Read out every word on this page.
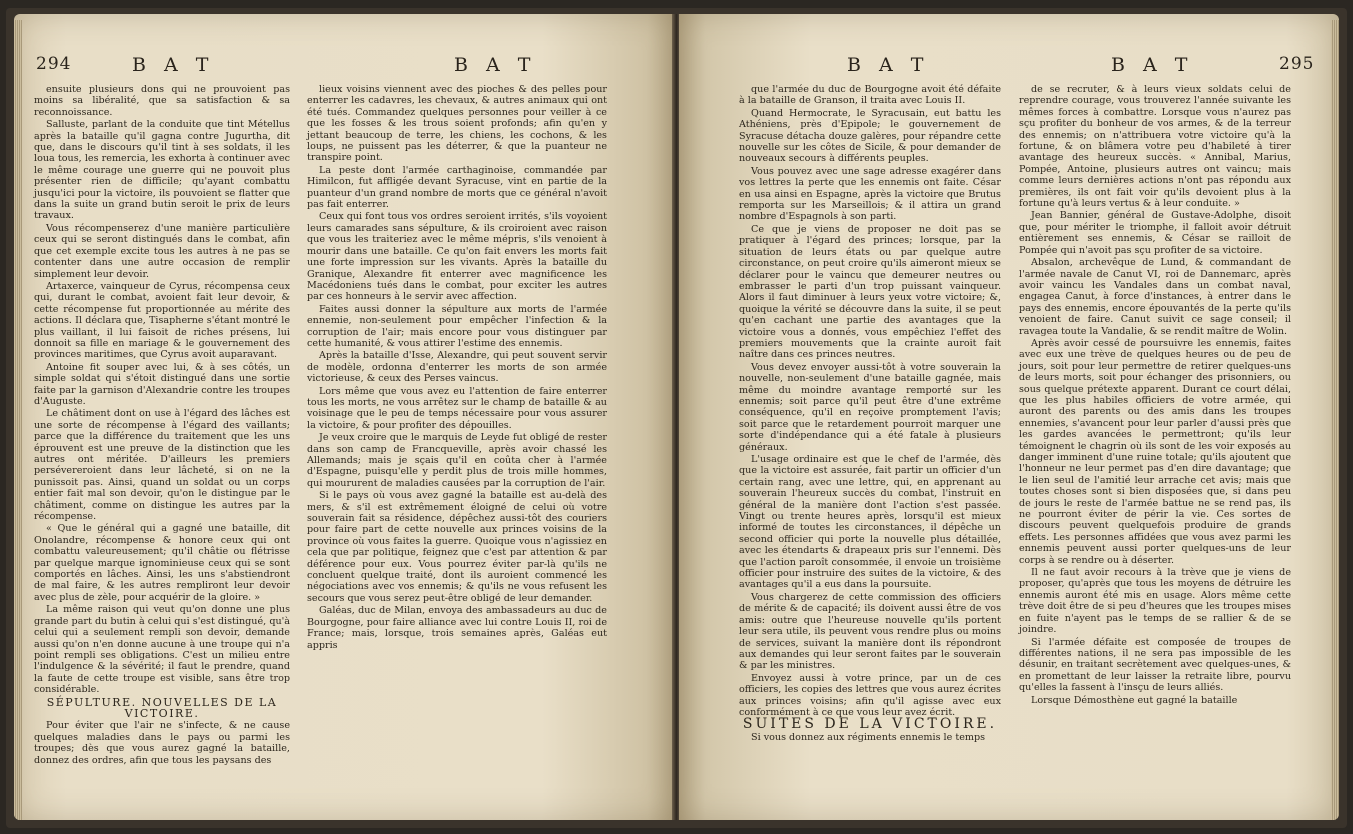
294	B A T	B A T

ensuite plusieurs dons qui ne prouvoient pas moins sa libéralité, que sa satisfaction & sa reconnoissance.

Salluste, parlant de la conduite que tint Métellus après la bataille qu'il gagna contre Jugurtha, dit que, dans le discours qu'il tint à ses soldats, il les loua tous, les remercia, les exhorta à continuer avec le même courage une guerre qui ne pouvoit plus présenter rien de difficile; qu'ayant combattu jusqu'ici pour la victoire, ils pouvoient se flatter que dans la suite un grand butin seroit le prix de leurs travaux.

Vous récompenserez d'une manière particulière ceux qui se seront distingués dans le combat, afin que cet exemple excite tous les autres à ne pas se contenter dans une autre occasion de remplir simplement leur devoir.

Artaxerce, vainqueur de Cyrus, récompensa ceux qui, durant le combat, avoient fait leur devoir, & cette récompense fut proportionnée au mérite des actions. Il déclara que, Tisapherne s'étant montré le plus vaillant, il lui faisoit de riches présens, lui donnoit sa fille en mariage & le gouvernement des provinces maritimes, que Cyrus avoit auparavant.

Antoine fit souper avec lui, & à ses côtés, un simple soldat qui s'étoit distingué dans une sortie faite par la garnison d'Alexandrie contre les troupes d'Auguste.

Le châtiment dont on use à l'égard des lâches est une sorte de récompense à l'égard des vaillants; parce que la différence du traitement que les uns éprouvent est une preuve de la distinction que les autres ont méritée. D'ailleurs les premiers persévereroient dans leur lâcheté, si on ne la punissoit pas. Ainsi, quand un soldat ou un corps entier fait mal son devoir, qu'on le distingue par le châtiment, comme on distingue les autres par la récompense.

« Que le général qui a gagné une bataille, dit Onolandre, récompense & honore ceux qui ont combattu valeureusement; qu'il châtie ou flétrisse par quelque marque ignominieuse ceux qui se sont comportés en lâches. Ainsi, les uns s'abstiendront de mal faire, & les autres rempliront leur devoir avec plus de zèle, pour acquérir de la gloire. »

La même raison qui veut qu'on donne une plus grande part du butin à celui qui s'est distingué, qu'à celui qui a seulement rempli son devoir, demande aussi qu'on n'en donne aucune à une troupe qui n'a point rempli ses obligations. C'est un milieu entre l'indulgence & la sévérité; il faut le prendre, quand la faute de cette troupe est visible, sans être trop considérable.

SÉPULTURE. NOUVELLES DE LA VICTOIRE.

Pour éviter que l'air ne s'infecte, & ne cause quelques maladies dans le pays ou parmi les troupes; dès que vous aurez gagné la bataille, donnez des ordres, afin que tous les paysans des

lieux voisins viennent avec des pioches & des pelles pour enterrer les cadavres, les chevaux, & autres animaux qui ont été tués. Commandez quelques personnes pour veiller à ce que les fosses & les trous soient profonds; afin qu'en y jettant beaucoup de terre, les chiens, les cochons, & les loups, ne puissent pas les déterrer, & que la puanteur ne transpire point.

La peste dont l'armée carthaginoise, commandée par Himilcon, fut affligée devant Syracuse, vint en partie de la puanteur d'un grand nombre de morts que ce général n'avoit pas fait enterrer.

Ceux qui font tous vos ordres seroient irrités, s'ils voyoient leurs camarades sans sépulture, & ils croiroient avec raison que vous les traiteriez avec le même mépris, s'ils venoient à mourir dans une bataille. Ce qu'on fait envers les morts fait une forte impression sur les vivants. Après la bataille du Granique, Alexandre fit enterrer avec magnificence les Macédoniens tués dans le combat, pour exciter les autres par ces honneurs à le servir avec affection.

Faites aussi donner la sépulture aux morts de l'armée ennemie, non-seulement pour empêcher l'infection & la corruption de l'air; mais encore pour vous distinguer par cette humanité, & vous attirer l'estime des ennemis.

Après la bataille d'Isse, Alexandre, qui peut souvent servir de modèle, ordonna d'enterrer les morts de son armée victorieuse, & ceux des Perses vaincus.

Lors même que vous avez eu l'attention de faire enterrer tous les morts, ne vous arrêtez sur le champ de bataille & au voisinage que le peu de temps nécessaire pour vous assurer la victoire, & pour profiter des dépouilles.

Je veux croire que le marquis de Leyde fut obligé de rester dans son camp de Francqueville, après avoir chassé les Allemands; mais je sçais qu'il en coûta cher à l'armée d'Espagne, puisqu'elle y perdit plus de trois mille hommes, qui moururent de maladies causées par la corruption de l'air.

Si le pays où vous avez gagné la bataille est au-delà des mers, & s'il est extrêmement éloigné de celui où votre souverain fait sa résidence, dépêchez aussi-tôt des couriers pour faire part de cette nouvelle aux princes voisins de la province où vous faites la guerre. Quoique vous n'agissiez en cela que par politique, feignez que c'est par attention & par déférence pour eux. Vous pourrez éviter par-là qu'ils ne concluent quelque traité, dont ils auroient commencé les négociations avec vos ennemis; & qu'ils ne vous refusent les secours que vous serez peut-être obligé de leur demander.

Galéas, duc de Milan, envoya des ambassadeurs au duc de Bourgogne, pour faire alliance avec lui contre Louis II, roi de France; mais, lorsque, trois semaines après, Galéas eut appris

B A T	B A T	295

que l'armée du duc de Bourgogne avoit été défaite à la bataille de Granson, il traita avec Louis II.

Quand Hermocrate, le Syracusain, eut battu les Athéniens, près d'Epipole; le gouvernement de Syracuse détacha douze galères, pour répandre cette nouvelle sur les côtes de Sicile, & pour demander de nouveaux secours à différents peuples.

Vous pouvez avec une sage adresse exagérer dans vos lettres la perte que les ennemis ont faite. César en usa ainsi en Espagne, après la victoire que Brutus remporta sur les Marseillois; & il attira un grand nombre d'Espagnols à son parti.

Ce que je viens de proposer ne doit pas se pratiquer à l'égard des princes; lorsque, par la situation de leurs états ou par quelque autre circonstance, on peut croire qu'ils aimeront mieux se déclarer pour le vaincu que demeurer neutres ou embrasser le parti d'un trop puissant vainqueur. Alors il faut diminuer à leurs yeux votre victoire; &, quoique la vérité se découvre dans la suite, il se peut qu'en cachant une partie des avantages que la victoire vous a donnés, vous empêchiez l'effet des premiers mouvements que la crainte auroit fait naître dans ces princes neutres.

Vous devez envoyer aussi-tôt à votre souverain la nouvelle, non-seulement d'une bataille gagnée, mais même du moindre avantage remporté sur les ennemis; soit parce qu'il peut être d'une extrême conséquence, qu'il en reçoive promptement l'avis; soit parce que le retardement pourroit marquer une sorte d'indépendance qui a été fatale à plusieurs généraux.

L'usage ordinaire est que le chef de l'armée, dès que la victoire est assurée, fait partir un officier d'un certain rang, avec une lettre, qui, en apprenant au souverain l'heureux succès du combat, l'instruit en général de la manière dont l'action s'est passée. Vingt ou trente heures après, lorsqu'il est mieux informé de toutes les circonstances, il dépêche un second officier qui porte la nouvelle plus détaillée, avec les étendarts & drapeaux pris sur l'ennemi. Dès que l'action paroît consommée, il envoie un troisième officier pour instruire des suites de la victoire, & des avantages qu'il a eus dans la poursuite.

Vous chargerez de cette commission des officiers de mérite & de capacité; ils doivent aussi être de vos amis: outre que l'heureuse nouvelle qu'ils portent leur sera utile, ils peuvent vous rendre plus ou moins de services, suivant la manière dont ils répondront aux demandes qui leur seront faites par le souverain & par les ministres.

Envoyez aussi à votre prince, par un de ces officiers, les copies des lettres que vous aurez écrites aux princes voisins; afin qu'il agisse avec eux conformément à ce que vous leur avez écrit.

SUITES DE LA VICTOIRE.

Si vous donnez aux régiments ennemis le temps

de se recruter, & à leurs vieux soldats celui de reprendre courage, vous trouverez l'année suivante les mêmes forces à combattre. Lorsque vous n'aurez pas sçu profiter du bonheur de vos armes, & de la terreur des ennemis; on n'attribuera votre victoire qu'à la fortune, & on blâmera votre peu d'habileté à tirer avantage des heureux succès. « Annibal, Marius, Pompée, Antoine, plusieurs autres ont vaincu; mais comme leurs dernières actions n'ont pas répondu aux premières, ils ont fait voir qu'ils devoient plus à la fortune qu'à leurs vertus & à leur conduite. »

Jean Bannier, général de Gustave-Adolphe, disoit que, pour mériter le triomphe, il falloit avoir détruit entièrement ses ennemis, & César se railloit de Pompée qui n'avoit pas sçu profiter de sa victoire.

Absalon, archevêque de Lund, & commandant de l'armée navale de Canut VI, roi de Dannemarc, après avoir vaincu les Vandales dans un combat naval, engagea Canut, à force d'instances, à entrer dans le pays des ennemis, encore épouvantés de la perte qu'ils venoient de faire. Canut suivit ce sage conseil; il ravagea toute la Vandalie, & se rendit maître de Wolin.

Après avoir cessé de poursuivre les ennemis, faites avec eux une trève de quelques heures ou de peu de jours, soit pour leur permettre de retirer quelques-uns de leurs morts, soit pour échanger des prisonniers, ou sous quelque prétexte apparent. Durant ce court délai, que les plus habiles officiers de votre armée, qui auront des parents ou des amis dans les troupes ennemies, s'avancent pour leur parler d'aussi près que les gardes avancées le permettront; qu'ils leur témoignent le chagrin où ils sont de les voir exposés au danger imminent d'une ruine totale; qu'ils ajoutent que l'honneur ne leur permet pas d'en dire davantage; que le lien seul de l'amitié leur arrache cet avis; mais que toutes choses sont si bien disposées que, si dans peu de jours le reste de l'armée battue ne se rend pas, ils ne pourront éviter de périr la vie. Ces sortes de discours peuvent quelquefois produire de grands effets. Les personnes affidées que vous avez parmi les ennemis peuvent aussi porter quelques-uns de leur corps à se rendre ou à déserter.

Il ne faut avoir recours à la trève que je viens de proposer, qu'après que tous les moyens de détruire les ennemis auront été mis en usage. Alors même cette trève doit être de si peu d'heures que les troupes mises en fuite n'ayent pas le temps de se rallier & de se joindre.

Si l'armée défaite est composée de troupes de différentes nations, il ne sera pas impossible de les désunir, en traitant secrètement avec quelques-unes, & en promettant de leur laisser la retraite libre, pourvu qu'elles la fassent à l'insçu de leurs alliés.

Lorsque Démosthène eut gagné la bataille
